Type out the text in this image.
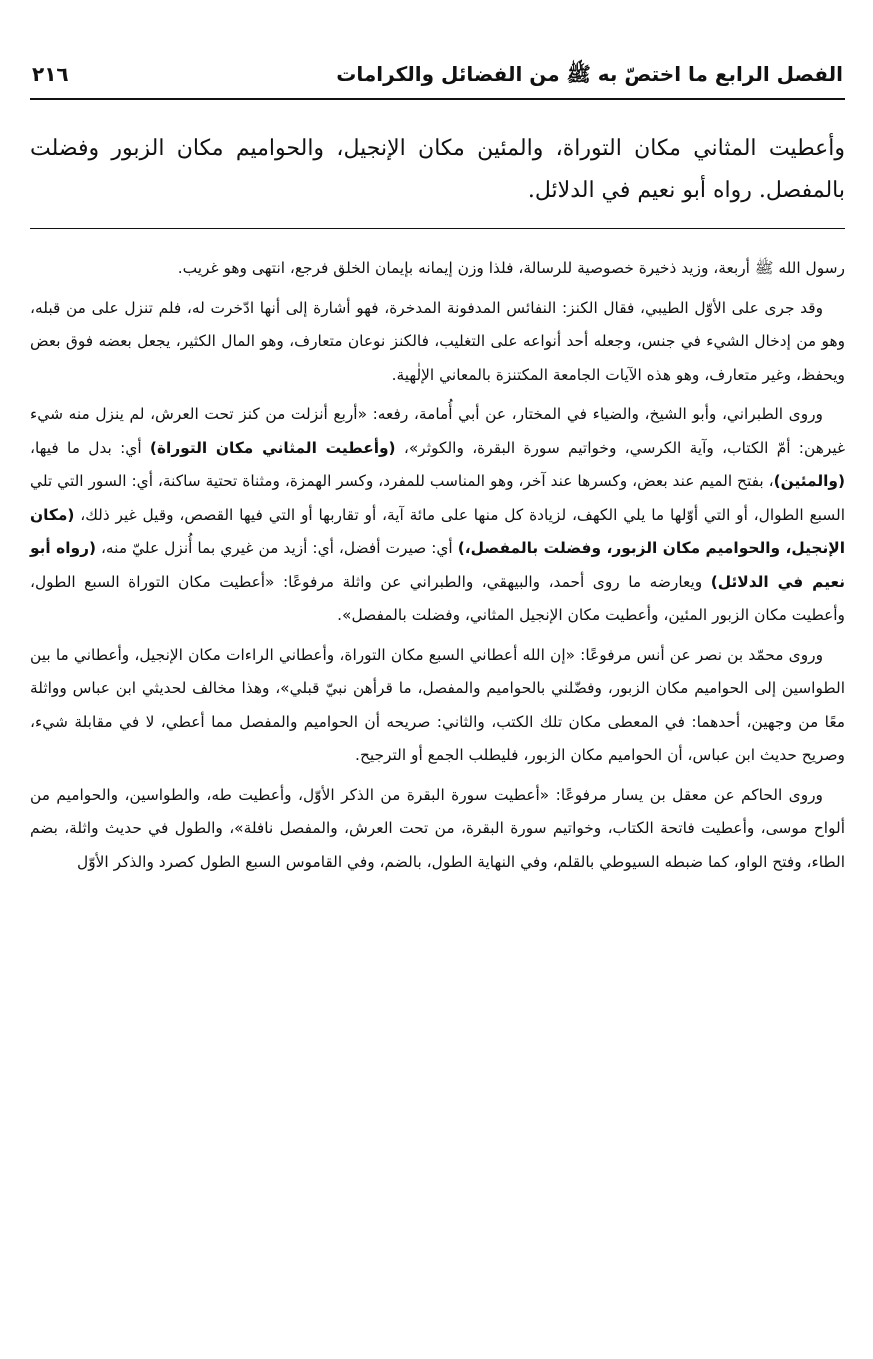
الفصل الرابع ما اختصّ به ﷺ من الفضائل والكرامات
٢١٦
وأعطيت المثاني مكان التوراة، والمئين مكان الإنجيل، والحواميم مكان الزبور وفضلت بالمفصل. رواه أبو نعيم في الدلائل.

رسول الله ﷺ أربعة، وزيد ذخيرة خصوصية للرسالة، فلذا وزن إيمانه بإيمان الخلق فرجع، انتهى وهو غريب.

وقد جرى على الأوّل الطيبي، فقال الكنز: النفائس المدفونة المدخرة، فهو أشارة إلى أنها ادّخرت له، فلم تنزل على من قبله، وهو من إدخال الشيء في جنس، وجعله أحد أنواعه على التغليب، فالكنز نوعان متعارف، وهو المال الكثير، يجعل بعضه فوق بعض ويحفظ، وغير متعارف، وهو هذه الآيات الجامعة المكتنزة بالمعاني الإلٰهية.

وروى الطبراني، وأبو الشيخ، والضياء في المختار، عن أبي أُمامة، رفعه: «أربع أنزلت من كنز تحت العرش، لم ينزل منه شيء غيرهن: أمّ الكتاب، وآية الكرسي، وخواتيم سورة البقرة، والكوثر»، (وأعطيت المثاني مكان التوراة) أي: بدل ما فيها، (والمئين)، بفتح الميم عند بعض، وكسرها عند آخر، وهو المناسب للمفرد، وكسر الهمزة، ومثناة تحتية ساكنة، أي: السور التي تلي السبع الطوال، أو التي أوّلها ما يلي الكهف، لزيادة كل منها على مائة آية، أو تقاربها أو التي فيها القصص، وقيل غير ذلك، (مكان الإنجيل، والحواميم مكان الزبور، وفضلت بالمفصل،) أي: صيرت أفضل، أي: أزيد من غيري بما أُنزل عليّ منه، (رواه أبو نعيم في الدلائل) ويعارضه ما روى أحمد، والبيهقي، والطبراني عن واثلة مرفوعًا: «أعطيت مكان التوراة السبع الطول، وأعطيت مكان الزبور المئين، وأعطيت مكان الإنجيل المثاني، وفضلت بالمفصل».

وروى محمّد بن نصر عن أنس مرفوعًا: «إن الله أعطاني السبع مكان التوراة، وأعطاني الراءات مكان الإنجيل، وأعطاني ما بين الطواسين إلى الحواميم مكان الزبور، وفضّلني بالحواميم والمفصل، ما قرأهن نبيّ قبلي»، وهذا مخالف لحديثي ابن عباس وواثلة معًا من وجهين، أحدهما: في المعطى مكان تلك الكتب، والثاني: صريحه أن الحواميم والمفصل مما أعطي، لا في مقابلة شيء، وصريح حديث ابن عباس، أن الحواميم مكان الزبور، فليطلب الجمع أو الترجيح.

وروى الحاكم عن معقل بن يسار مرفوعًا: «أعطيت سورة البقرة من الذكر الأوّل، وأعطيت طه، والطواسين، والحواميم من ألواح موسى، وأعطيت فاتحة الكتاب، وخواتيم سورة البقرة، من تحت العرش، والمفصل نافلة»، والطول في حديث واثلة، بضم الطاء، وفتح الواو، كما ضبطه السيوطي بالقلم، وفي النهاية الطول، بالضم، وفي القاموس السبع الطول كصرد والذكر الأوّل
